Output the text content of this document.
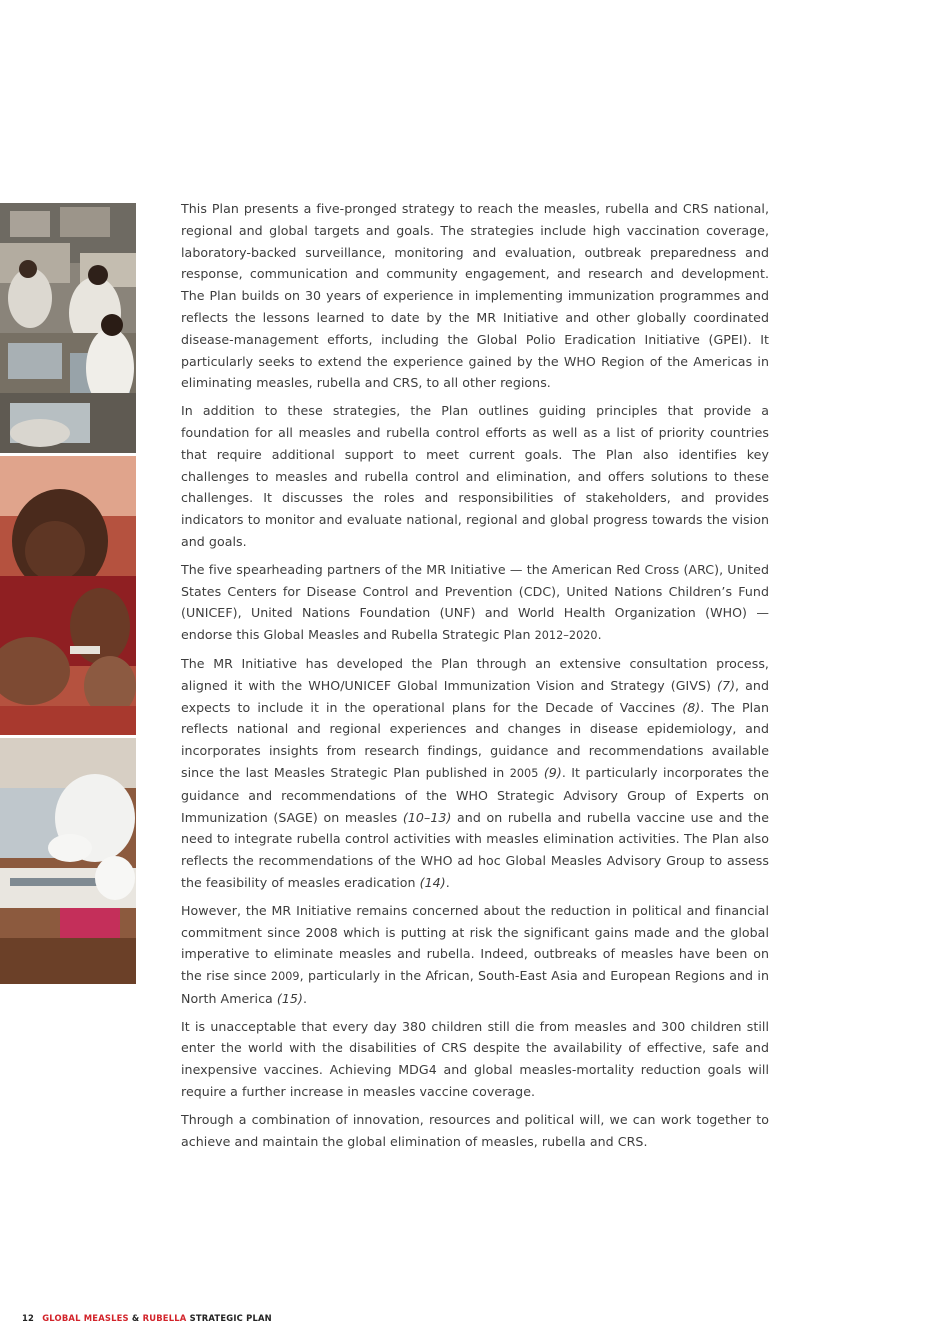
This Plan presents a five-pronged strategy to reach the measles, rubella and CRS national, regional and global targets and goals. The strategies include high vaccination coverage, laboratory-backed surveillance, monitoring and evaluation, outbreak preparedness and response, communication and community engagement, and research and development. The Plan builds on 30 years of experience in implementing immunization programmes and reflects the lessons learned to date by the MR Initiative and other globally coordinated disease-management efforts, including the Global Polio Eradication Initiative (GPEI). It particularly seeks to extend the experience gained by the WHO Region of the Americas in eliminating measles, rubella and CRS, to all other regions.

In addition to these strategies, the Plan outlines guiding principles that provide a foundation for all measles and rubella control efforts as well as a list of priority countries that require additional support to meet current goals. The Plan also identifies key challenges to measles and rubella control and elimination, and offers solutions to these challenges. It discusses the roles and responsibilities of stakeholders, and provides indicators to monitor and evaluate national, regional and global progress towards the vision and goals.

The five spearheading partners of the MR Initiative — the American Red Cross (ARC), United States Centers for Disease Control and Prevention (CDC), United Nations Children’s Fund (UNICEF), United Nations Foundation (UNF) and World Health Organization (WHO) — endorse this Global Measles and Rubella Strategic Plan 2012–2020.

The MR Initiative has developed the Plan through an extensive consultation process, aligned it with the WHO/UNICEF Global Immunization Vision and Strategy (GIVS) (7), and expects to include it in the operational plans for the Decade of Vaccines (8). The Plan reflects national and regional experiences and changes in disease epidemiology, and incorporates insights from research findings, guidance and recommendations available since the last Measles Strategic Plan published in 2005 (9). It particularly incorporates the guidance and recommendations of the WHO Strategic Advisory Group of Experts on Immunization (SAGE) on measles (10–13) and on rubella and rubella vaccine use and the need to integrate rubella control activities with measles elimination activities. The Plan also reflects the recommendations of the WHO ad hoc Global Measles Advisory Group to assess the feasibility of measles eradication (14).

However, the MR Initiative remains concerned about the reduction in political and financial commitment since 2008 which is putting at risk the significant gains made and the global imperative to eliminate measles and rubella. Indeed, outbreaks of measles have been on the rise since 2009, particularly in the African, South-East Asia and European Regions and in North America (15).

It is unacceptable that every day 380 children still die from measles and 300 children still enter the world with the disabilities of CRS despite the availability of effective, safe and inexpensive vaccines. Achieving MDG4 and global measles-mortality reduction goals will require a further increase in measles vaccine coverage.

Through a combination of innovation, resources and political will, we can work together to achieve and maintain the global elimination of measles, rubella and CRS.

12 GLOBAL MEASLES & RUBELLA STRATEGIC PLAN
